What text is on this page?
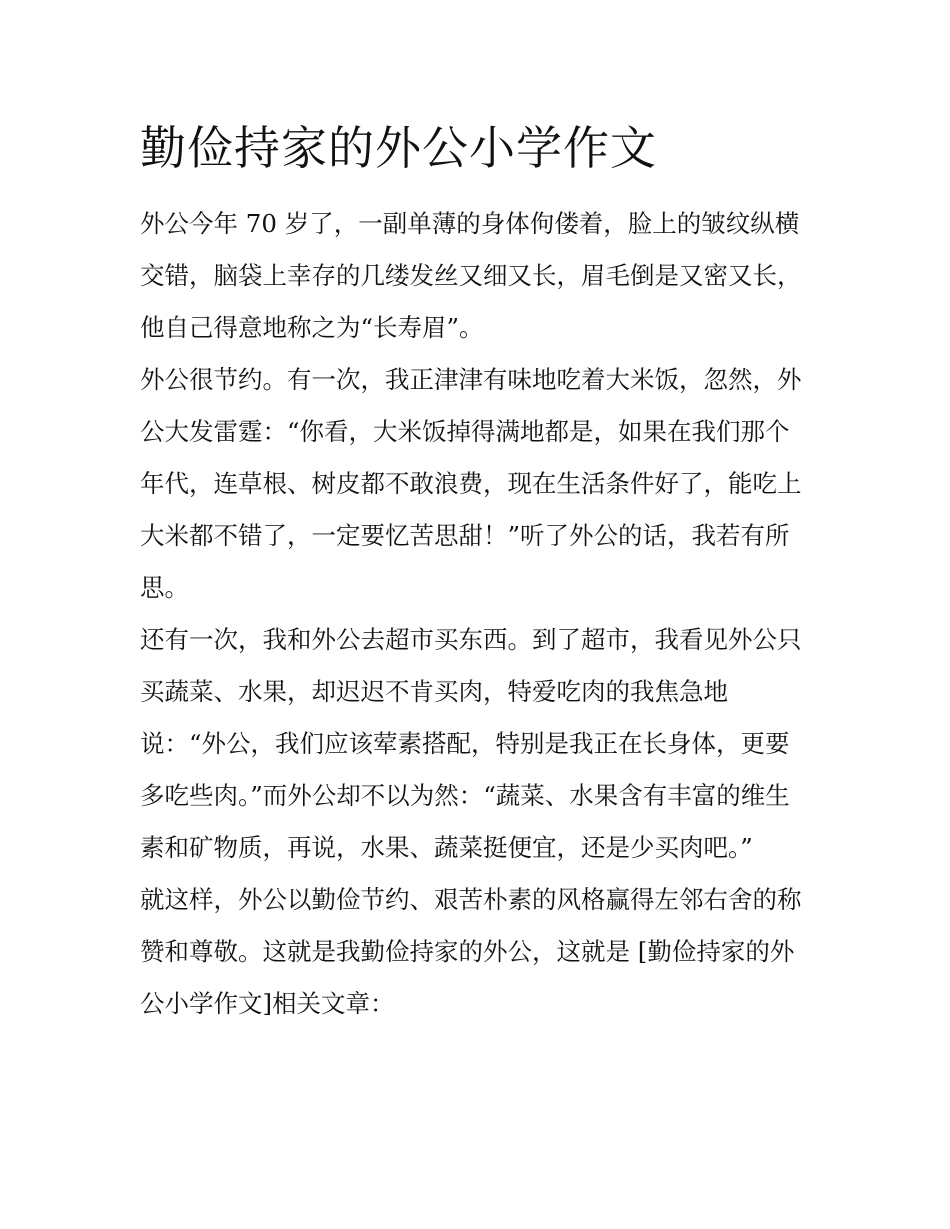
勤俭持家的外公小学作文
外公今年 70 岁了，一副单薄的身体佝偻着，脸上的皱纹纵横
交错，脑袋上幸存的几缕发丝又细又长，眉毛倒是又密又长，
他自己得意地称之为“长寿眉”。
外公很节约。有一次，我正津津有味地吃着大米饭，忽然，外
公大发雷霆：“你看，大米饭掉得满地都是，如果在我们那个
年代，连草根、树皮都不敢浪费，现在生活条件好了，能吃上
大米都不错了，一定要忆苦思甜！”听了外公的话，我若有所
思。
还有一次，我和外公去超市买东西。到了超市，我看见外公只
买蔬菜、水果，却迟迟不肯买肉，特爱吃肉的我焦急地
说：“外公，我们应该荤素搭配，特别是我正在长身体，更要
多吃些肉。”而外公却不以为然：“蔬菜、水果含有丰富的维生
素和矿物质，再说，水果、蔬菜挺便宜，还是少买肉吧。”
就这样，外公以勤俭节约、艰苦朴素的风格赢得左邻右舍的称
赞和尊敬。这就是我勤俭持家的外公，这就是 [勤俭持家的外
公小学作文]相关文章：
